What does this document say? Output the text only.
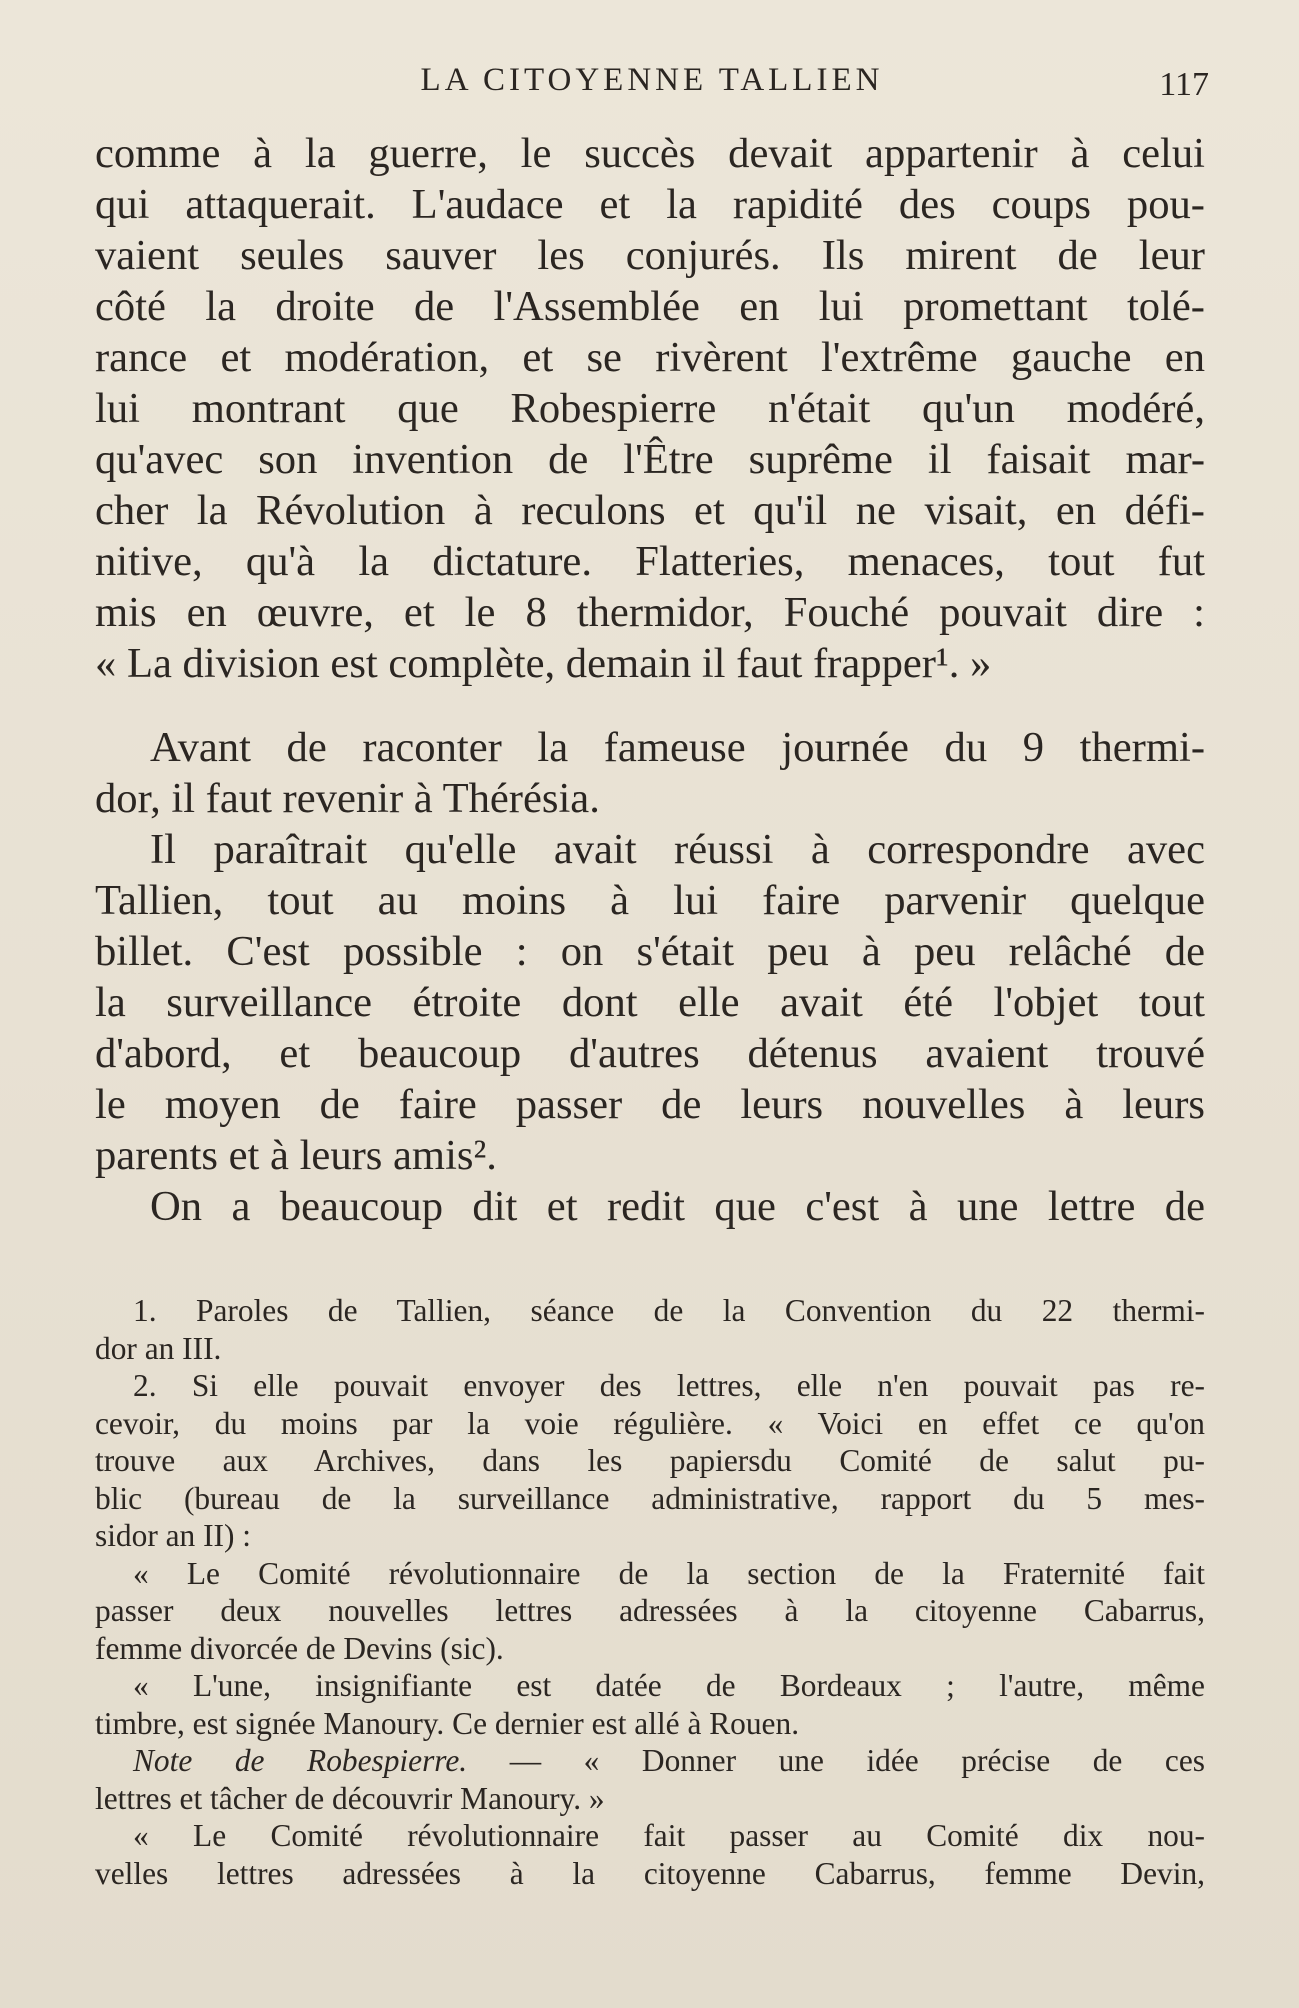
LA CITOYENNE TALLIEN	117
comme à la guerre, le succès devait appartenir à celui
qui attaquerait. L'audace et la rapidité des coups pou-
vaient seules sauver les conjurés. Ils mirent de leur
côté la droite de l'Assemblée en lui promettant tolé-
rance et modération, et se rivèrent l'extrême gauche en
lui montrant que Robespierre n'était qu'un modéré,
qu'avec son invention de l'Être suprême il faisait mar-
cher la Révolution à reculons et qu'il ne visait, en défi-
nitive, qu'à la dictature. Flatteries, menaces, tout fut
mis en œuvre, et le 8 thermidor, Fouché pouvait dire :
« La division est complète, demain il faut frapper¹. »
Avant de raconter la fameuse journée du 9 thermi-
dor, il faut revenir à Thérésia.
Il paraîtrait qu'elle avait réussi à correspondre avec
Tallien, tout au moins à lui faire parvenir quelque
billet. C'est possible : on s'était peu à peu relâché de
la surveillance étroite dont elle avait été l'objet tout
d'abord, et beaucoup d'autres détenus avaient trouvé
le moyen de faire passer de leurs nouvelles à leurs
parents et à leurs amis².
On a beaucoup dit et redit que c'est à une lettre de
1. Paroles de Tallien, séance de la Convention du 22 thermi-
dor an III.
2. Si elle pouvait envoyer des lettres, elle n'en pouvait pas re-
cevoir, du moins par la voie régulière. « Voici en effet ce qu'on
trouve aux Archives, dans les papiersdu Comité de salut pu-
blic (bureau de la surveillance administrative, rapport du 5 mes-
sidor an II) :
« Le Comité révolutionnaire de la section de la Fraternité fait
passer deux nouvelles lettres adressées à la citoyenne Cabarrus,
femme divorcée de Devins (sic).
« L'une, insignifiante est datée de Bordeaux ; l'autre, même
timbre, est signée Manoury. Ce dernier est allé à Rouen.
Note de Robespierre. — « Donner une idée précise de ces
lettres et tâcher de découvrir Manoury. »
« Le Comité révolutionnaire fait passer au Comité dix nou-
velles lettres adressées à la citoyenne Cabarrus, femme Devin,
